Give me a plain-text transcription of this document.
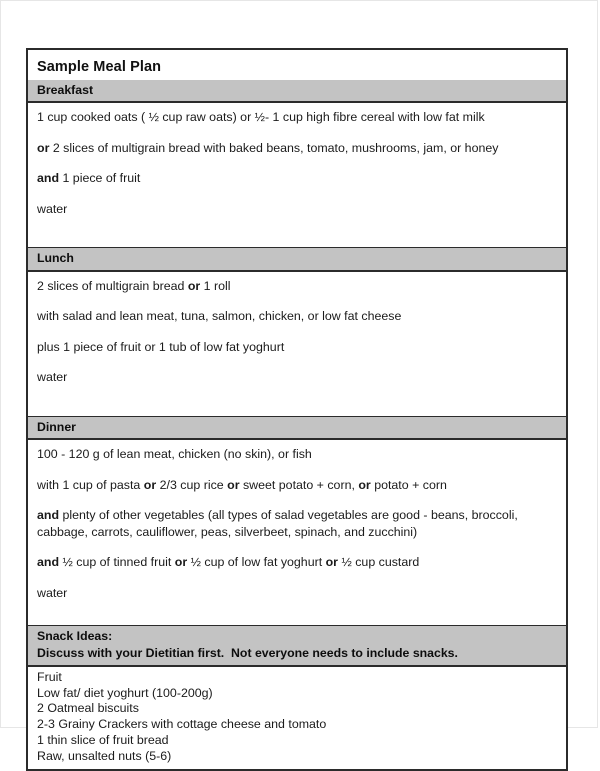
Sample Meal Plan
Breakfast

1 cup cooked oats ( ½ cup raw oats) or ½- 1 cup high fibre cereal with low fat milk

or 2 slices of multigrain bread with baked beans, tomato, mushrooms, jam, or honey

and 1 piece of fruit

water

Lunch

2 slices of multigrain bread or 1 roll

with salad and lean meat, tuna, salmon, chicken, or low fat cheese

plus 1 piece of fruit or 1 tub of low fat yoghurt

water

Dinner

100 - 120 g of lean meat, chicken (no skin), or fish

with 1 cup of pasta or 2/3 cup rice or sweet potato + corn, or potato + corn

and plenty of other vegetables (all types of salad vegetables are good - beans, broccoli, cabbage, carrots, cauliflower, peas, silverbeet, spinach, and zucchini)

and ½ cup of tinned fruit or ½ cup of low fat yoghurt or ½ cup custard

water

Snack Ideas:
Discuss with your Dietitian first.  Not everyone needs to include snacks.

Fruit

Low fat/ diet yoghurt (100-200g)

2 Oatmeal biscuits

2-3 Grainy Crackers with cottage cheese and tomato

1 thin slice of fruit bread

Raw, unsalted nuts (5-6)
